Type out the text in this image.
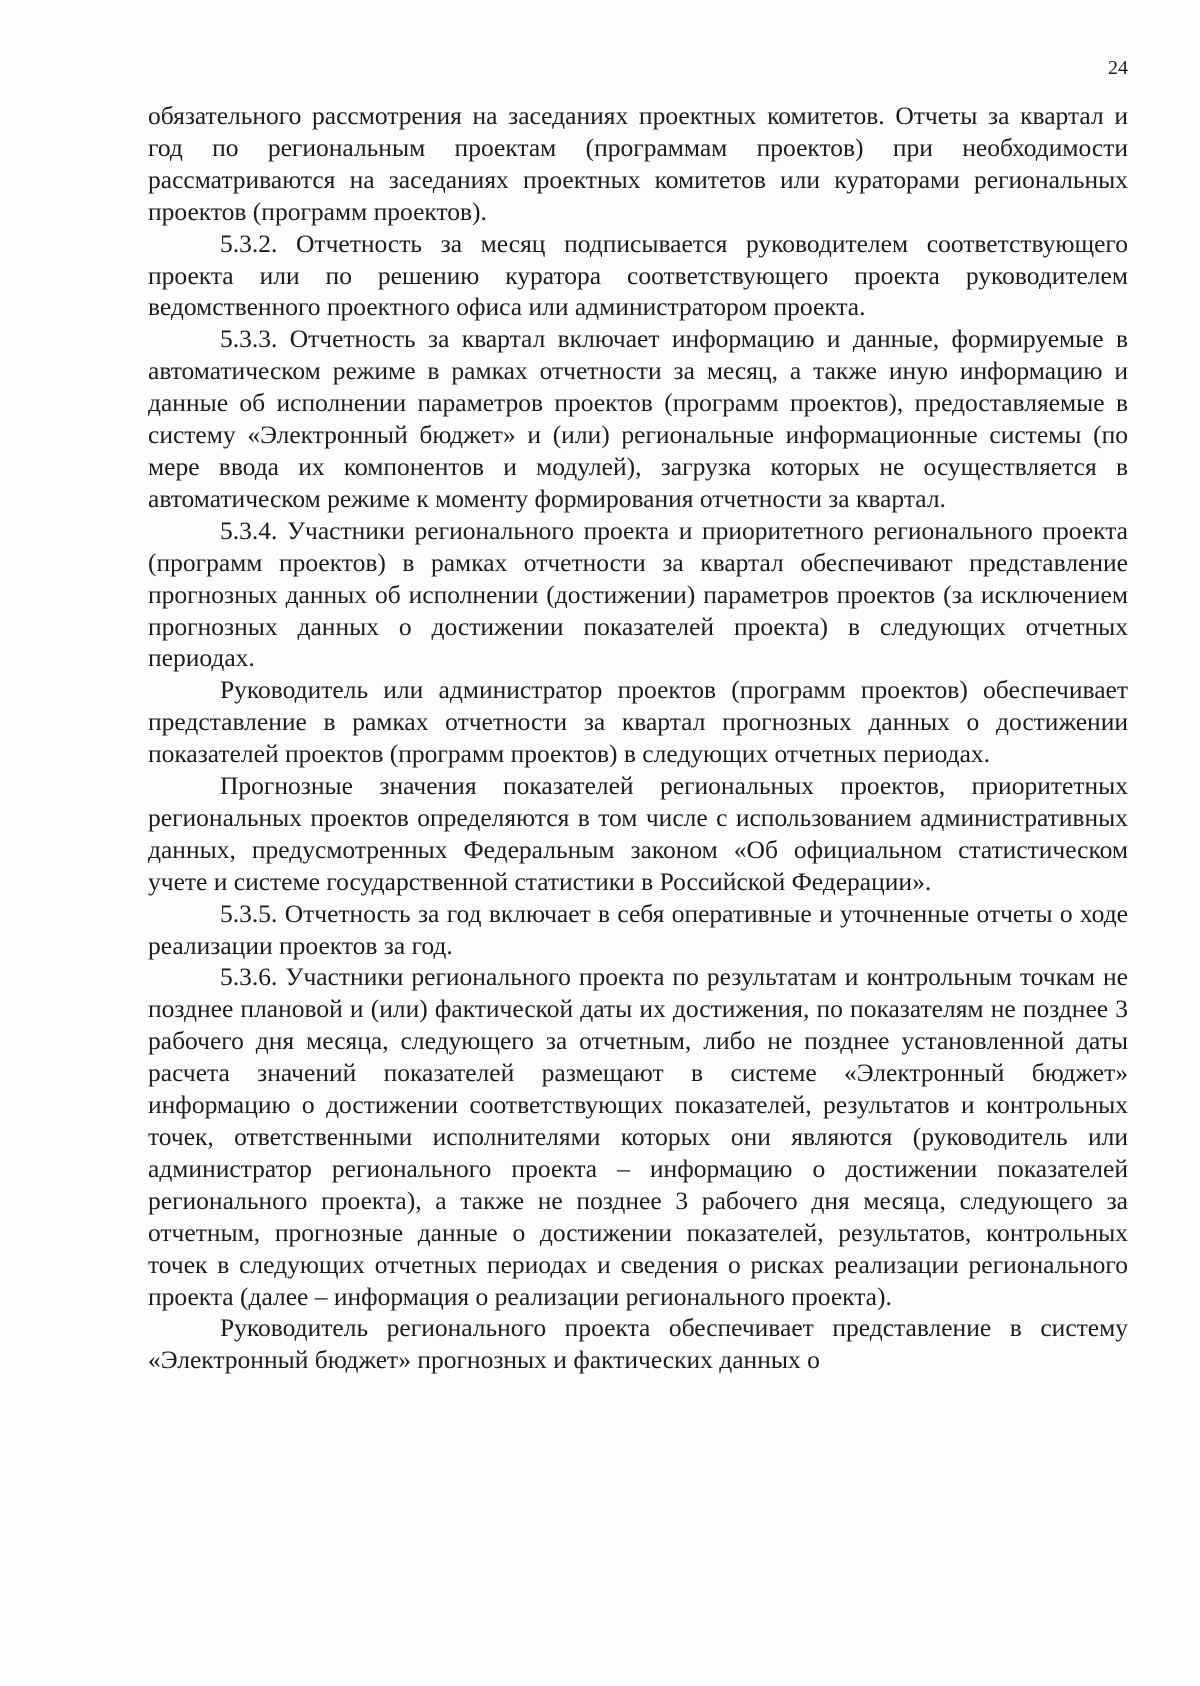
24

обязательного рассмотрения на заседаниях проектных комитетов. Отчеты за квартал и год по региональным проектам (программам проектов) при необходимости рассматриваются на заседаниях проектных комитетов или кураторами региональных проектов (программ проектов).

5.3.2. Отчетность за месяц подписывается руководителем соответствующего проекта или по решению куратора соответствующего проекта руководителем ведомственного проектного офиса или администратором проекта.

5.3.3. Отчетность за квартал включает информацию и данные, формируемые в автоматическом режиме в рамках отчетности за месяц, а также иную информацию и данные об исполнении параметров проектов (программ проектов), предоставляемые в систему «Электронный бюджет» и (или) региональные информационные системы (по мере ввода их компонентов и модулей), загрузка которых не осуществляется в автоматическом режиме к моменту формирования отчетности за квартал.

5.3.4. Участники регионального проекта и приоритетного регионального проекта (программ проектов) в рамках отчетности за квартал обеспечивают представление прогнозных данных об исполнении (достижении) параметров проектов (за исключением прогнозных данных о достижении показателей проекта) в следующих отчетных периодах.

Руководитель или администратор проектов (программ проектов) обеспечивает представление в рамках отчетности за квартал прогнозных данных о достижении показателей проектов (программ проектов) в следующих отчетных периодах.

Прогнозные значения показателей региональных проектов, приоритетных региональных проектов определяются в том числе с использованием административных данных, предусмотренных Федеральным законом «Об официальном статистическом учете и системе государственной статистики в Российской Федерации».

5.3.5. Отчетность за год включает в себя оперативные и уточненные отчеты о ходе реализации проектов за год.

5.3.6. Участники регионального проекта по результатам и контрольным точкам не позднее плановой и (или) фактической даты их достижения, по показателям не позднее 3 рабочего дня месяца, следующего за отчетным, либо не позднее установленной даты расчета значений показателей размещают в системе «Электронный бюджет» информацию о достижении соответствующих показателей, результатов и контрольных точек, ответственными исполнителями которых они являются (руководитель или администратор регионального проекта – информацию о достижении показателей регионального проекта), а также не позднее 3 рабочего дня месяца, следующего за отчетным, прогнозные данные о достижении показателей, результатов, контрольных точек в следующих отчетных периодах и сведения о рисках реализации регионального проекта (далее – информация о реализации регионального проекта).

Руководитель регионального проекта обеспечивает представление в систему «Электронный бюджет» прогнозных и фактических данных о
